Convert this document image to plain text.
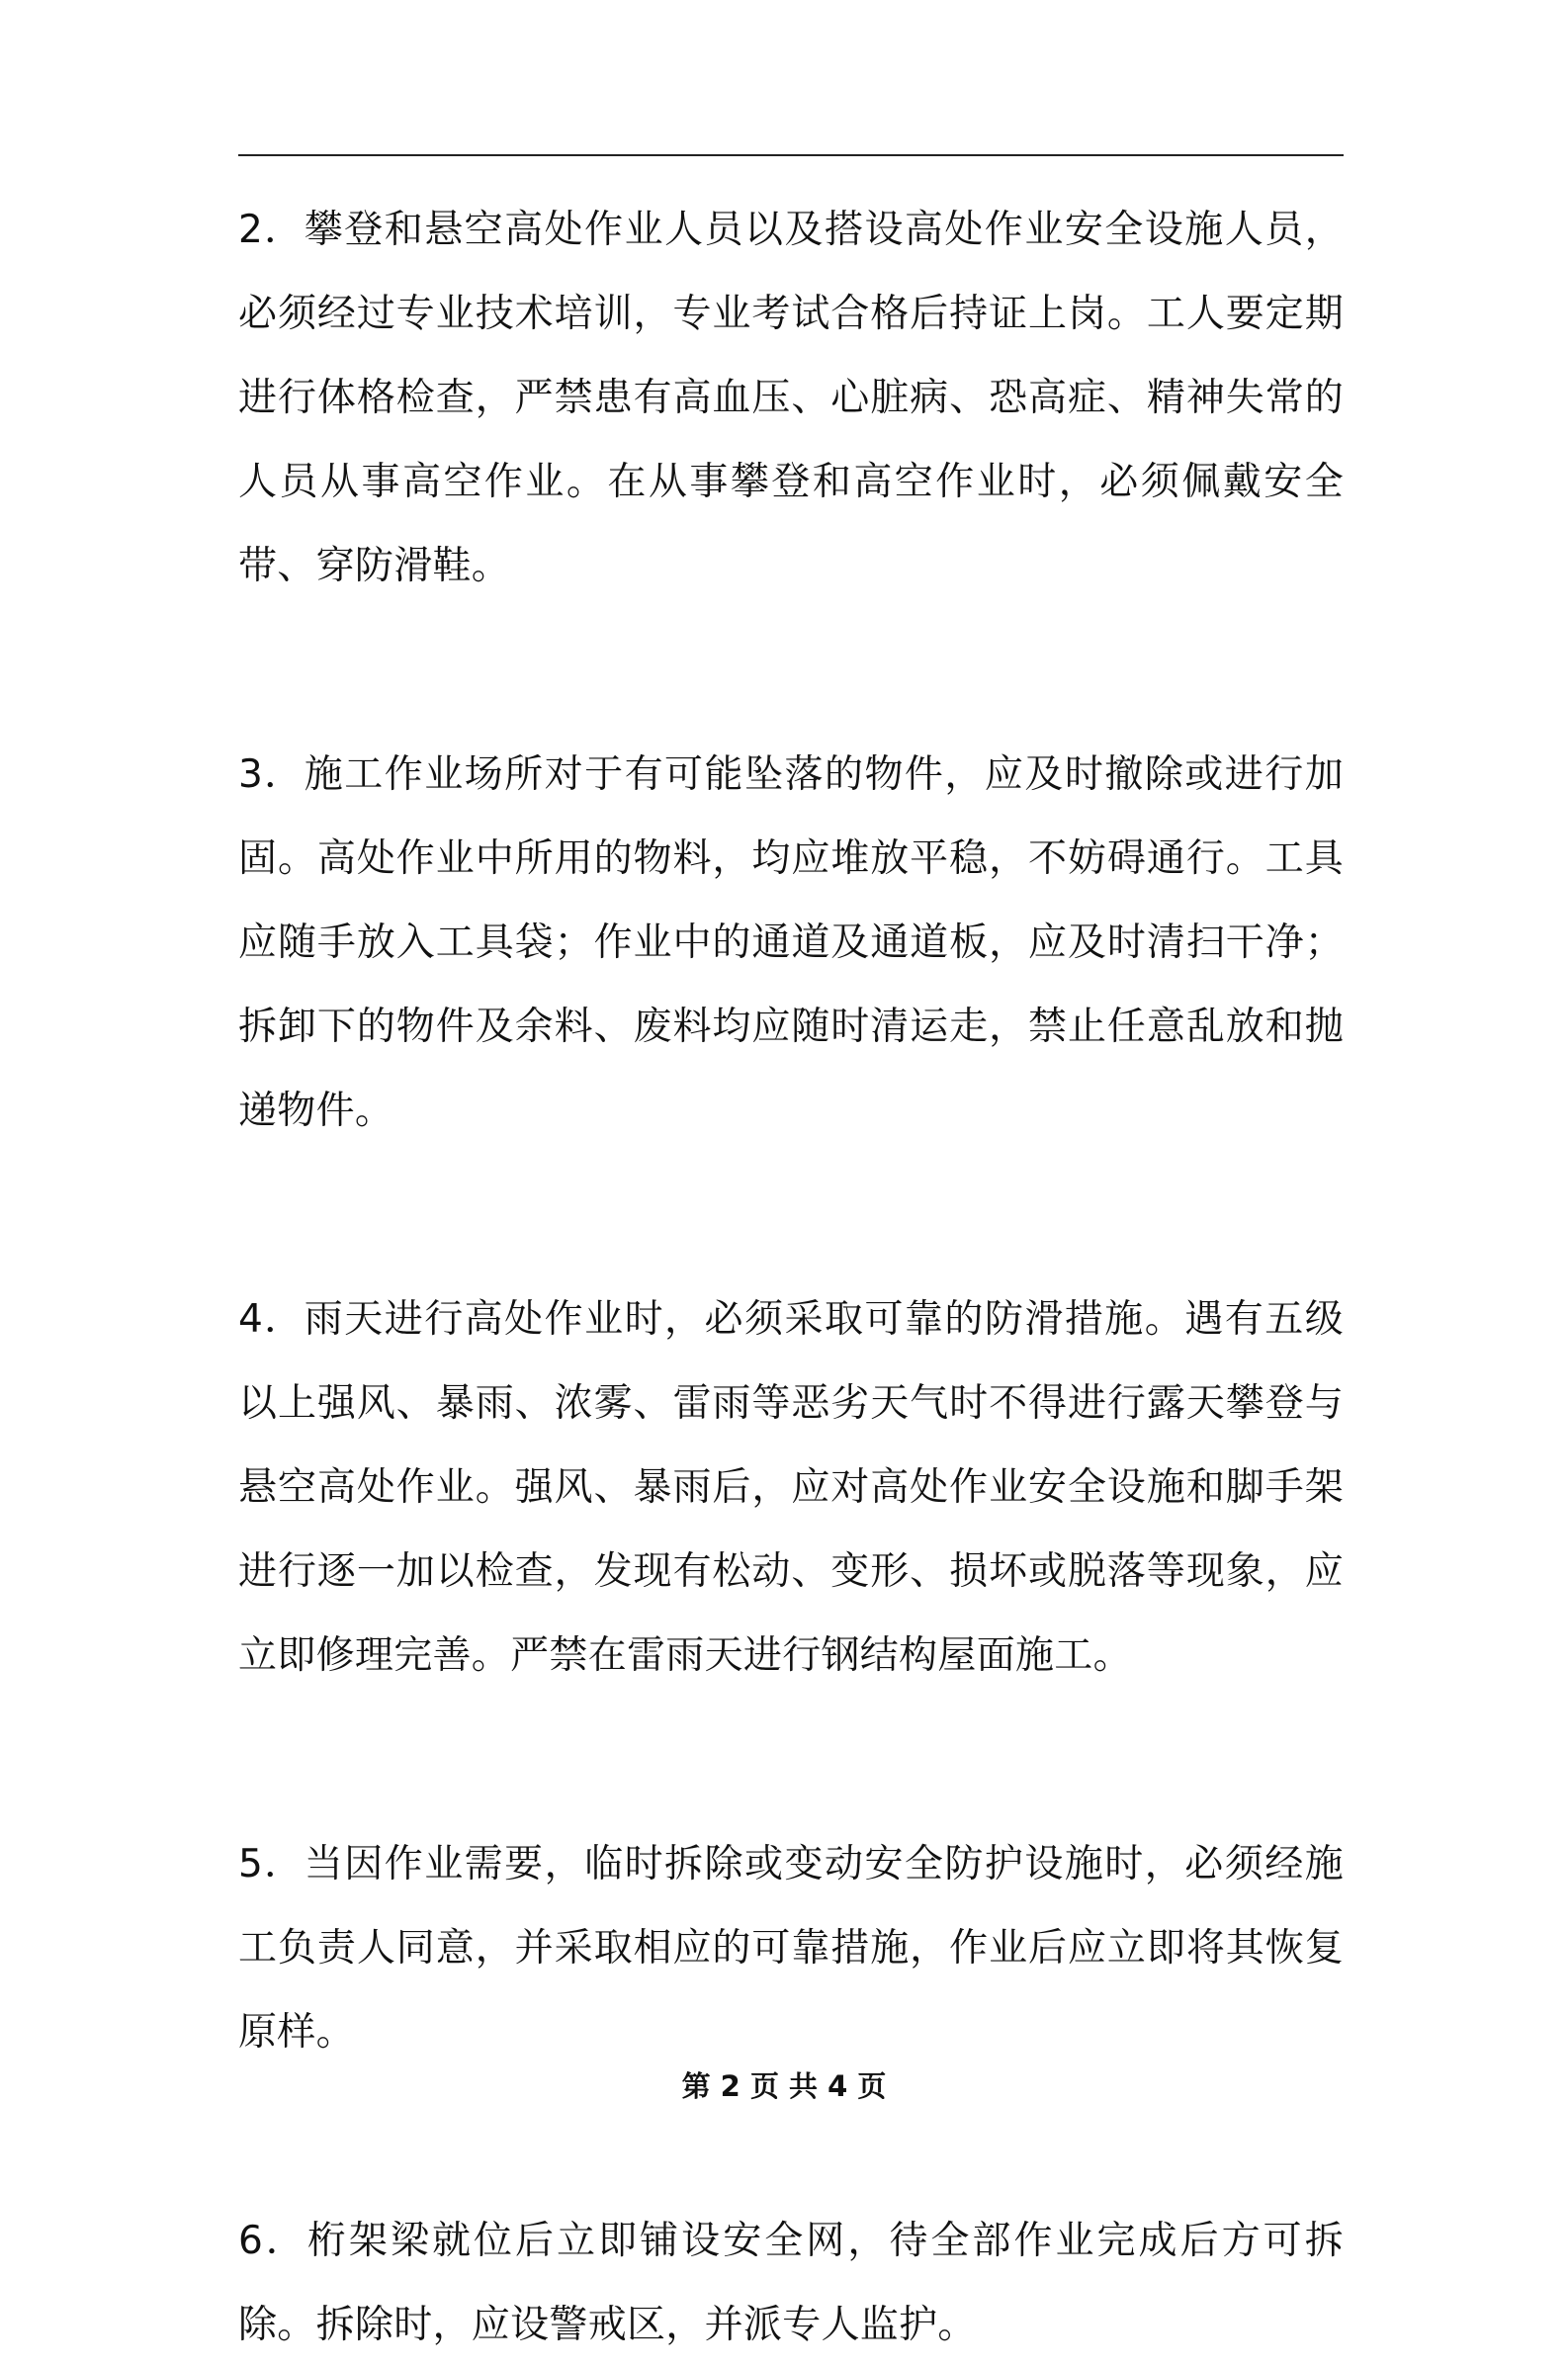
2．攀登和悬空高处作业人员以及搭设高处作业安全设施人员，必须经过专业技术培训，专业考试合格后持证上岗。工人要定期进行体格检查，严禁患有高血压、心脏病、恐高症、精神失常的人员从事高空作业。在从事攀登和高空作业时，必须佩戴安全带、穿防滑鞋。

3．施工作业场所对于有可能坠落的物件，应及时撤除或进行加固。高处作业中所用的物料，均应堆放平稳，不妨碍通行。工具应随手放入工具袋；作业中的通道及通道板，应及时清扫干净；拆卸下的物件及余料、废料均应随时清运走，禁止任意乱放和抛递物件。

4．雨天进行高处作业时，必须采取可靠的防滑措施。遇有五级以上强风、暴雨、浓雾、雷雨等恶劣天气时不得进行露天攀登与悬空高处作业。强风、暴雨后，应对高处作业安全设施和脚手架进行逐一加以检查，发现有松动、变形、损坏或脱落等现象，应立即修理完善。严禁在雷雨天进行钢结构屋面施工。

5．当因作业需要，临时拆除或变动安全防护设施时，必须经施工负责人同意，并采取相应的可靠措施，作业后应立即将其恢复原样。

6．桁架梁就位后立即铺设安全网，待全部作业完成后方可拆除。拆除时，应设警戒区，并派专人监护。

第 2 页 共 4 页
